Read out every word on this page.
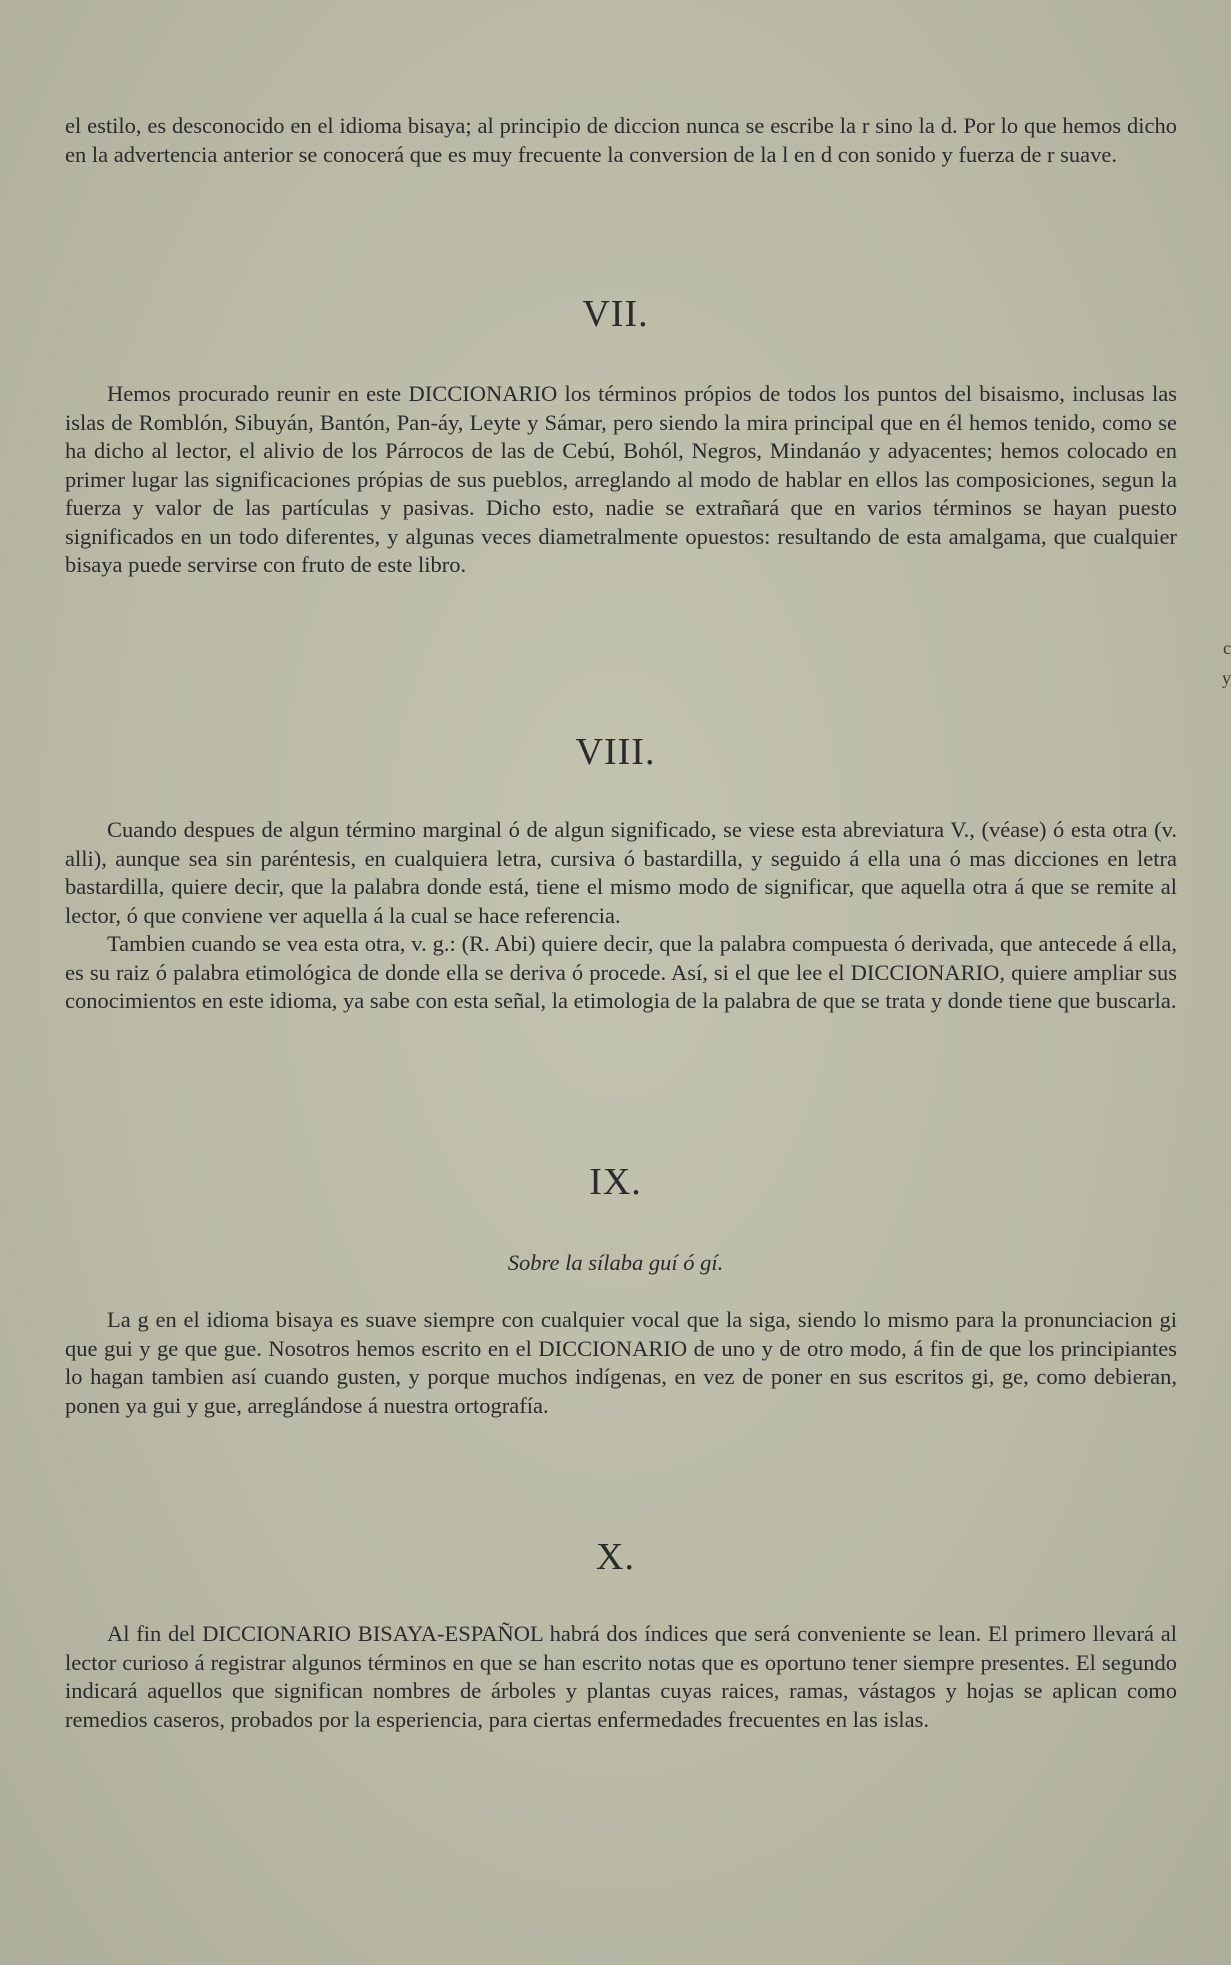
el estilo, es desconocido en el idioma bisaya; al principio de diccion nunca se escribe la r sino la d. Por lo que hemos dicho en la advertencia anterior se conocerá que es muy frecuente la conversion de la l en d con sonido y fuerza de r suave.

VII.

Hemos procurado reunir en este DICCIONARIO los términos própios de todos los puntos del bisaismo, inclusas las islas de Romblón, Sibuyán, Bantón, Pan-áy, Leyte y Sámar, pero siendo la mira principal que en él hemos tenido, como se ha dicho al lector, el alivio de los Párrocos de las de Cebú, Bohól, Negros, Mindanáo y adyacentes; hemos colocado en primer lugar las significaciones própias de sus pueblos, arreglando al modo de hablar en ellos las composiciones, segun la fuerza y valor de las partículas y pasivas. Dicho esto, nadie se extrañará que en varios términos se hayan puesto significados en un todo diferentes, y algunas veces diametralmente opuestos: resultando de esta amalgama, que cualquier bisaya puede servirse con fruto de este libro.

VIII.

Cuando despues de algun término marginal ó de algun significado, se viese esta abreviatura V., (véase) ó esta otra (v. alli), aunque sea sin paréntesis, en cualquiera letra, cursiva ó bastardilla, y seguido á ella una ó mas dicciones en letra bastardilla, quiere decir, que la palabra donde está, tiene el mismo modo de significar, que aquella otra á que se remite al lector, ó que conviene ver aquella á la cual se hace referencia.

Tambien cuando se vea esta otra, v. g.: (R. Abi) quiere decir, que la palabra compuesta ó derivada, que antecede á ella, es su raiz ó palabra etimológica de donde ella se deriva ó procede. Así, si el que lee el DICCIONARIO, quiere ampliar sus conocimientos en este idioma, ya sabe con esta señal, la etimologia de la palabra de que se trata y donde tiene que buscarla.

IX.

Sobre la sílaba guí ó gí.

La g en el idioma bisaya es suave siempre con cualquier vocal que la siga, siendo lo mismo para la pronunciacion gi que gui y ge que gue. Nosotros hemos escrito en el DICCIONARIO de uno y de otro modo, á fin de que los principiantes lo hagan tambien así cuando gusten, y porque muchos indígenas, en vez de poner en sus escritos gi, ge, como debieran, ponen ya gui y gue, arreglándose á nuestra ortografía.

X.

Al fin del DICCIONARIO BISAYA-ESPAÑOL habrá dos índices que será conveniente se lean. El primero llevará al lector curioso á registrar algunos términos en que se han escrito notas que es oportuno tener siempre presentes. El segundo indicará aquellos que significan nombres de árboles y plantas cuyas raices, ramas, vástagos y hojas se aplican como remedios caseros, probados por la esperiencia, para ciertas enfermedades frecuentes en las islas.

c
y
